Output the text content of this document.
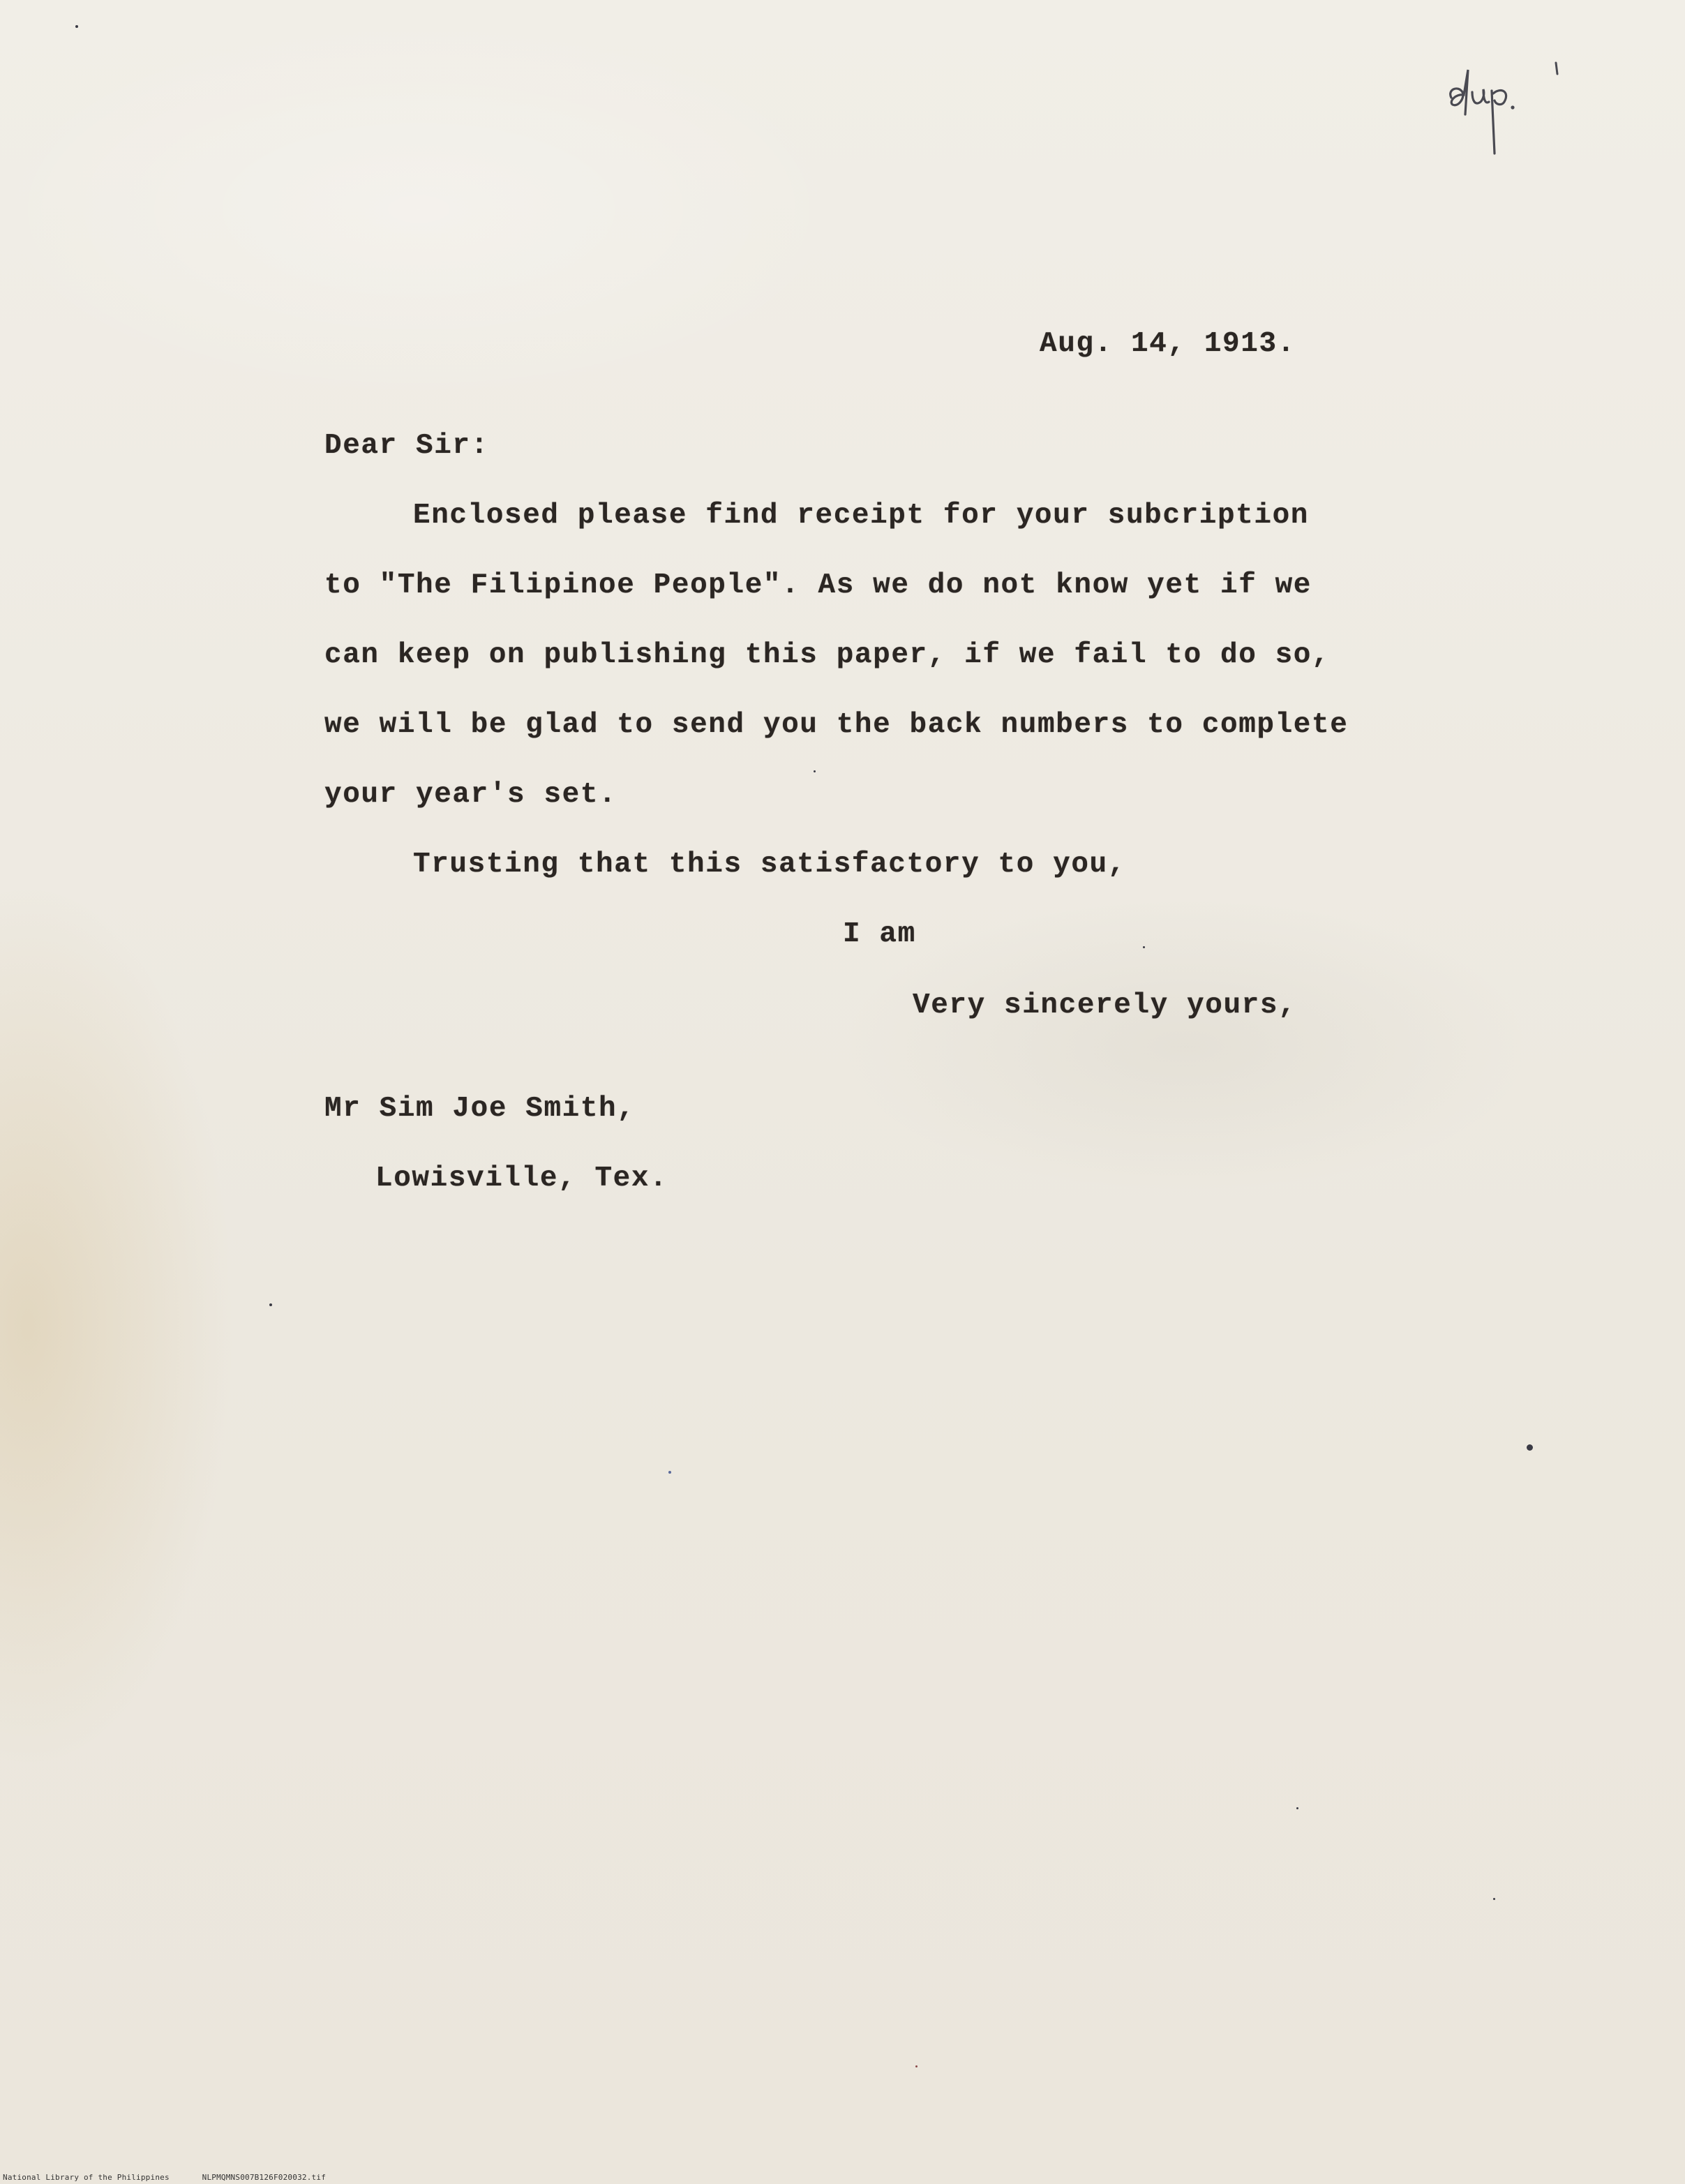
Aug. 14, 1913.
Dear Sir:
Enclosed please find receipt for your subcription
to "The Filipinoe People". As we do not know yet if we
can keep on publishing this paper, if we fail to do so,
we will be glad to send you the back numbers to complete
your year's set.
Trusting that this satisfactory to you,
I am
Very sincerely yours,
Mr Sim Joe Smith,
Lowisville, Tex.
National Library of the Philippines	NLPMQMNS007B126F020032.tif
